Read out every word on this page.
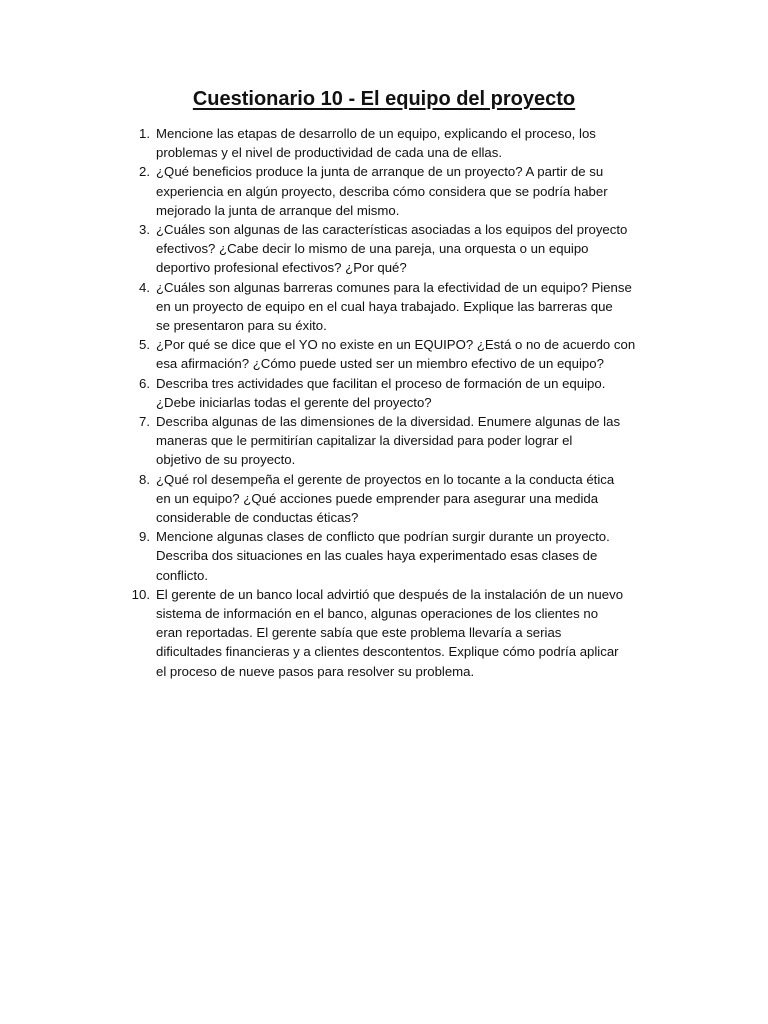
Cuestionario 10 - El equipo del proyecto
1. Mencione las etapas de desarrollo de un equipo, explicando el proceso, los
problemas y el nivel de productividad de cada una de ellas.
2. ¿Qué beneficios produce la junta de arranque de un proyecto? A partir de su
experiencia en algún proyecto, describa cómo considera que se podría haber
mejorado la junta de arranque del mismo.
3. ¿Cuáles son algunas de las características asociadas a los equipos del proyecto
efectivos? ¿Cabe decir lo mismo de una pareja, una orquesta o un equipo
deportivo profesional efectivos? ¿Por qué?
4. ¿Cuáles son algunas barreras comunes para la efectividad de un equipo? Piense
en un proyecto de equipo en el cual haya trabajado. Explique las barreras que
se presentaron para su éxito.
5. ¿Por qué se dice que el YO no existe en un EQUIPO? ¿Está o no de acuerdo con
esa afirmación? ¿Cómo puede usted ser un miembro efectivo de un equipo?
6. Describa tres actividades que facilitan el proceso de formación de un equipo.
¿Debe iniciarlas todas el gerente del proyecto?
7. Describa algunas de las dimensiones de la diversidad. Enumere algunas de las
maneras que le permitirían capitalizar la diversidad para poder lograr el
objetivo de su proyecto.
8. ¿Qué rol desempeña el gerente de proyectos en lo tocante a la conducta ética
en un equipo? ¿Qué acciones puede emprender para asegurar una medida
considerable de conductas éticas?
9. Mencione algunas clases de conflicto que podrían surgir durante un proyecto.
Describa dos situaciones en las cuales haya experimentado esas clases de
conflicto.
10. El gerente de un banco local advirtió que después de la instalación de un nuevo
sistema de información en el banco, algunas operaciones de los clientes no
eran reportadas. El gerente sabía que este problema llevaría a serias
dificultades financieras y a clientes descontentos. Explique cómo podría aplicar
el proceso de nueve pasos para resolver su problema.
